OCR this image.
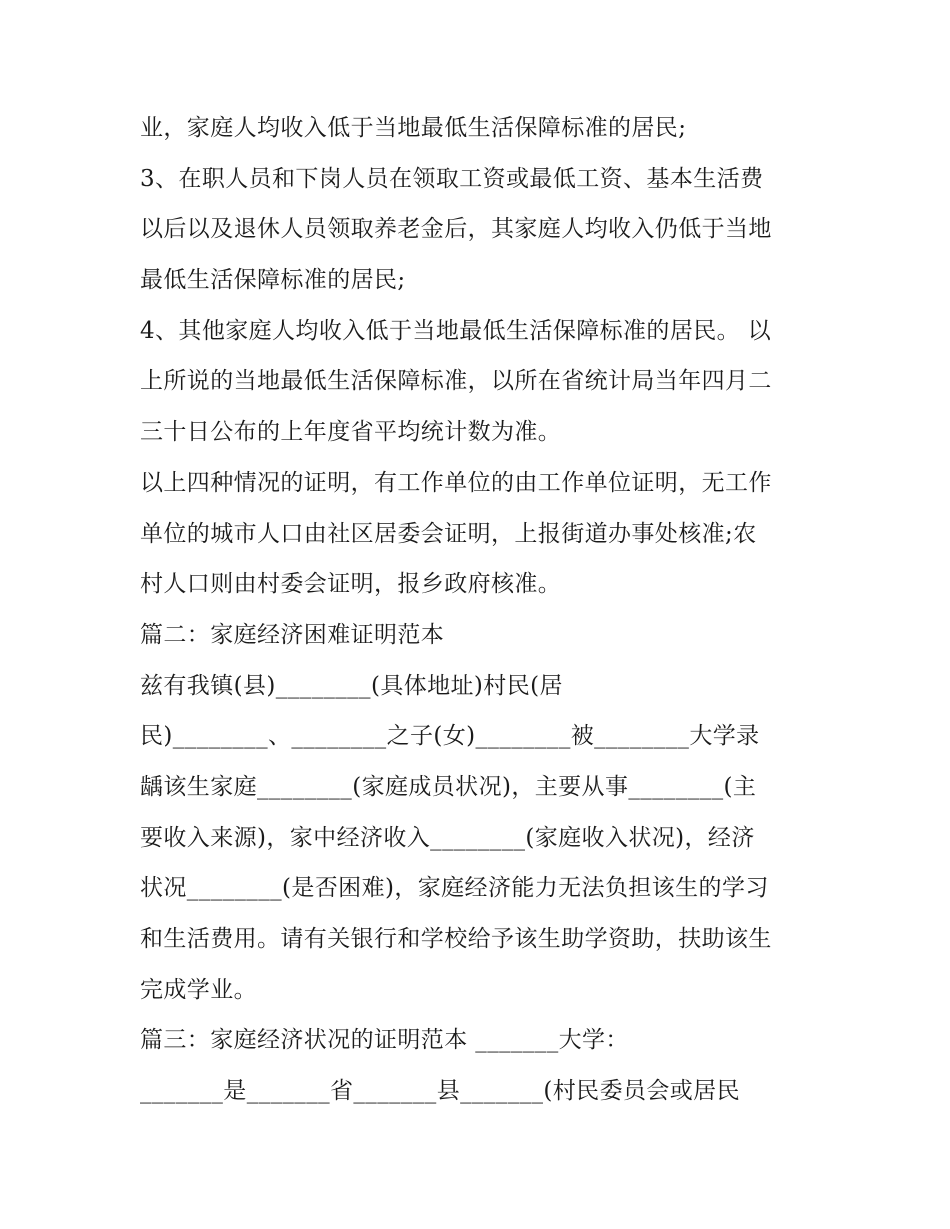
业，家庭人均收入低于当地最低生活保障标准的居民;
3、在职人员和下岗人员在领取工资或最低工资、基本生活费
以后以及退休人员领取养老金后，其家庭人均收入仍低于当地
最低生活保障标准的居民;
4、其他家庭人均收入低于当地最低生活保障标准的居民。 以
上所说的当地最低生活保障标准，以所在省统计局当年四月二
三十日公布的上年度省平均统计数为准。
以上四种情况的证明，有工作单位的由工作单位证明，无工作
单位的城市人口由社区居委会证明，上报街道办事处核准;农
村人口则由村委会证明，报乡政府核准。
篇二：家庭经济困难证明范本
兹有我镇(县)________(具体地址)村民(居
民)________、________之子(女)________被________大学录
龋该生家庭________(家庭成员状况)，主要从事________(主
要收入来源)，家中经济收入________(家庭收入状况)，经济
状况________(是否困难)，家庭经济能力无法负担该生的学习
和生活费用。请有关银行和学校给予该生助学资助，扶助该生
完成学业。
篇三：家庭经济状况的证明范本 _______大学：
_______是_______省_______县_______(村民委员会或居民
